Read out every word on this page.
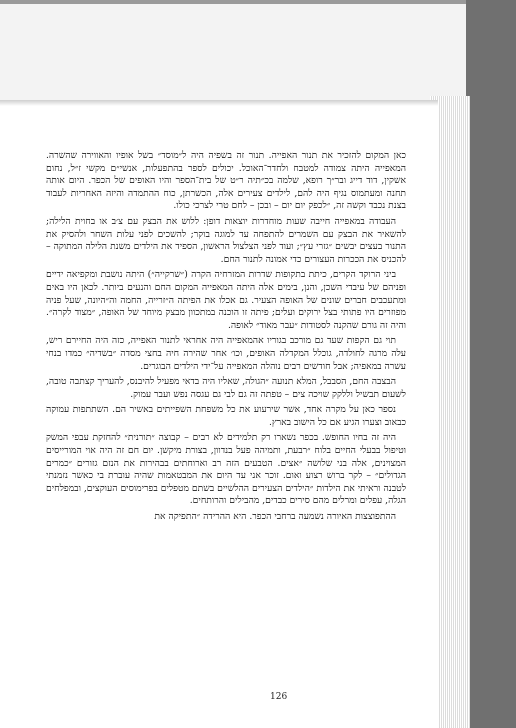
כאן המקום להזכיר את תנור האפייה. תנור זה בשפיה היה ל״מוסד״ בשל אופיו והאווירה שהשרה. המאפייה היתה צמודה למטבח ולחדר־האוכל. יכולים לספר בהתפעלות, אנשי״ם מקשי ז״ל, נחום אשקין, דוד דייג ובר״ך רופא, שלמה בכ״תיה ר״ט של בית־הספר והיו האופים של הכפר. היום אותה תחנה ומעתמוס נגיף היה להם, לילדים צעירים אלה, הכשרתן, כוח ההתמדה והיזה האחריות לעבוד בצנת נכבד וקשה זה, ״לכפק יום יום – ובכן – לחם טרי לצרכי כולו.

העבודה במאפייה חייבה שעות מוחדרות יוצאות דופן: ללוש את הבצק עם צ׳ב או בחוית הלילה; להשאיר את הבצק עם השמרים להתפחה עד למוגה בוקר; להשכים לפני עלות השחר ולהסיק את התנור בעצים יבשים ״גזרי עץ״; ועוד לפני הצלצול הראשון, הספיד את הילדים משנת הלילה המתוקה – להכניס את הככרות העצורים כדי אמונה לתנור החם.

ביני הרוקד הקרים, כיתת בתקופות שדרות המזרחיה הקרה (״שרקייה״) היתה נושבת ומקפיאה ידיים ופניהם של עיבדי השכן, והנן, בימים אלה היתה המאפייה המקום החם והנעים ביותר. לכאן היו באים ומתעכבים חברים שונים של האופה הצעיר. גם אכלו את הפיתה ה״זרייה, החמה וה״היונה, שעל פניה מפוזרים היו פתותי בצל ירוקים ועלים; פיתה זו הוכנה במתכוון מבצק מיוחד של האופה, ״מצוד לקרה״. והיה זה גורם שהקנה לסטודות ״עבר מאוד״ לאופה.

תוי גם הקפות שעד גם מורכב בגוריו אהמאפייה היה אחראי לתנור האפייה, כזה היה החיירם ריש, עלה מרגה לחולדה, גוכלל המקדלה האופים, וכו׳ אחר שהירה חיה בחצי מסדה ״בשדיה״ כמדו בנחי עשרה במאפיה; אבל חודשים רבים נוהלה המאפייה על־ידי הילדים הבוגרים.

הבצבה החם, הסבבל, המלא תנועה ״הגולה, שאליו היה בדאי מפעיל להיבנס, להעריך קצתבה טובה, לשעום תבשיל וללקק שויכה צים – טפתה זה גם לבי גם עגסה נפש ועבר עמוק.

נספר כאן על מקרה אחד, אשר שירעוע את כל משפחת השפייתים באשיר הם. השתתפות עמוקה כבאוב וצערו הגיע אם כל הישוב בארץ.

היה זה בחיו החופש. בכפר נשארו רק תלמידים לא רבים – קבוצה ״תורנית״ להחזקת עבפי המשק וטיפול בבעלי החיים בלוח ״רבעת, ותמיהה פעל בנדוון, בצורת מיקשן. יום חם זה היה אוי המורייסים המצוינים, אלה בני שלושה ״אצים. הטבעים הזה רב וארוחתים בבהירות את הנזם גזורים ״כמרים הגדולים״ – לקר ברוש רצוע ואום. זוכר אני עד היום את המבטאמות שהיה עוברת בי כאשר נזמנתי לטבנה וראיתי את הילדות ״הילדים הצעירים ההלשיים בשתם מטפלים בפרימוסים העוקצים, ובמפלחים הגלה, עפלים ומרלים מהם סירים כבדים, מהבילים והרותחים.

ההתפוצצות האיורה נשמעה ברחבי הכפר. היא ההרידה ״התפיקה את

126
